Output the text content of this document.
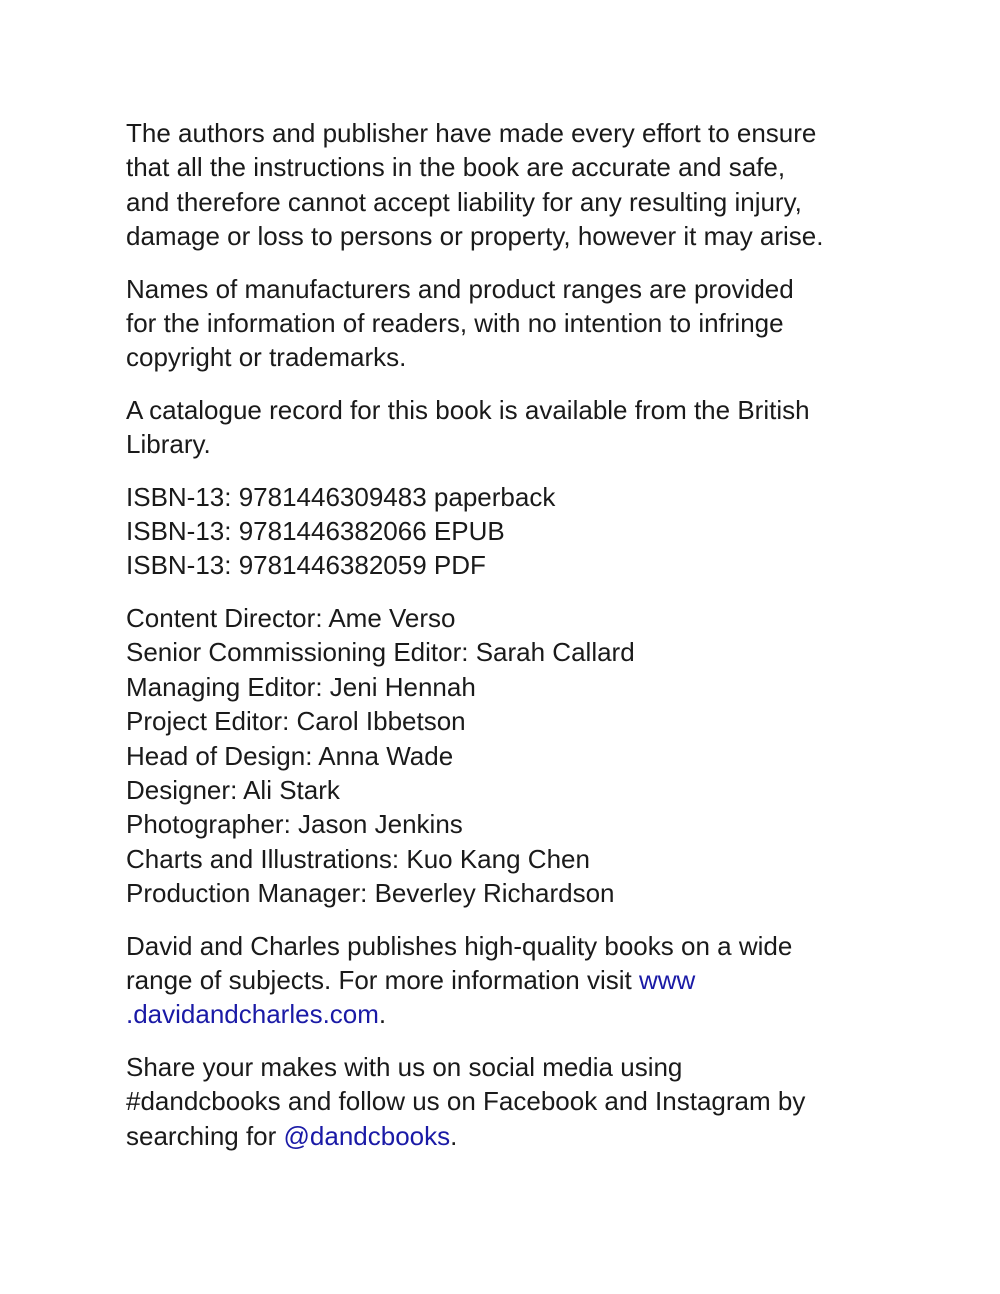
The authors and publisher have made every effort to ensure
that all the instructions in the book are accurate and safe,
and therefore cannot accept liability for any resulting injury,
damage or loss to persons or property, however it may arise.

Names of manufacturers and product ranges are provided
for the information of readers, with no intention to infringe
copyright or trademarks.

A catalogue record for this book is available from the British
Library.

ISBN-13: 9781446309483 paperback
ISBN-13: 9781446382066 EPUB
ISBN-13: 9781446382059 PDF

Content Director: Ame Verso
Senior Commissioning Editor: Sarah Callard
Managing Editor: Jeni Hennah
Project Editor: Carol Ibbetson
Head of Design: Anna Wade
Designer: Ali Stark
Photographer: Jason Jenkins
Charts and Illustrations: Kuo Kang Chen
Production Manager: Beverley Richardson

David and Charles publishes high-quality books on a wide
range of subjects. For more information visit www
.davidandcharles.com.

Share your makes with us on social media using
#dandcbooks and follow us on Facebook and Instagram by
searching for @dandcbooks.
